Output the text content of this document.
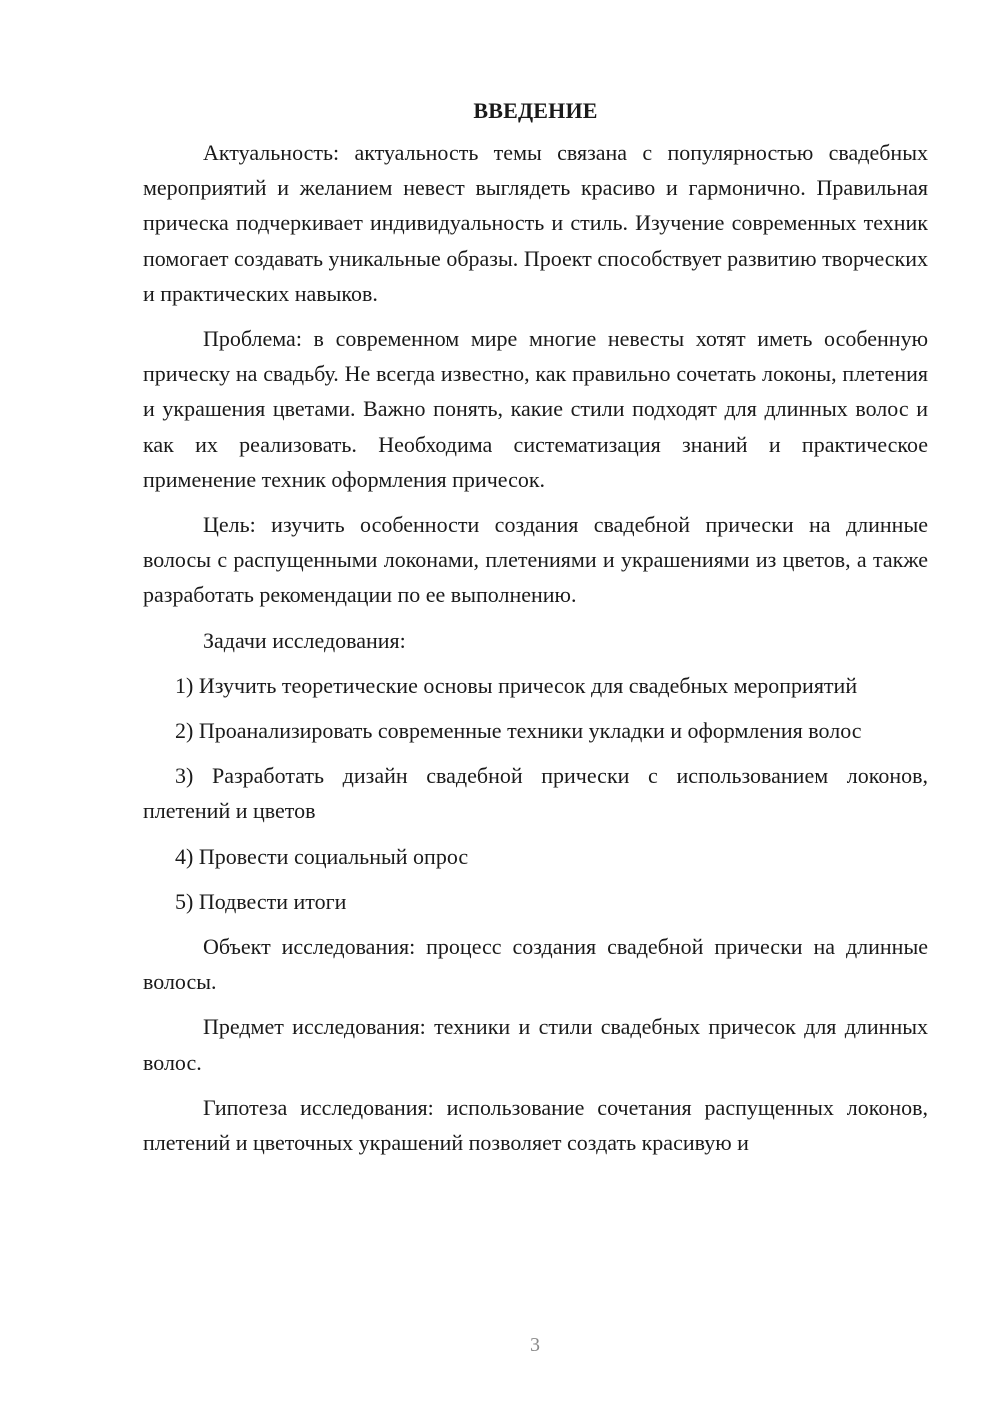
ВВЕДЕНИЕ

Актуальность: актуальность темы связана с популярностью свадебных мероприятий и желанием невест выглядеть красиво и гармонично. Правильная прическа подчеркивает индивидуальность и стиль. Изучение современных техник помогает создавать уникальные образы. Проект способствует развитию творческих и практических навыков.

Проблема: в современном мире многие невесты хотят иметь особенную прическу на свадьбу. Не всегда известно, как правильно сочетать локоны, плетения и украшения цветами. Важно понять, какие стили подходят для длинных волос и как их реализовать. Необходима систематизация знаний и практическое применение техник оформления причесок.

Цель: изучить особенности создания свадебной прически на длинные волосы с распущенными локонами, плетениями и украшениями из цветов, а также разработать рекомендации по ее выполнению.

Задачи исследования:

1) Изучить теоретические основы причесок для свадебных мероприятий

2) Проанализировать современные техники укладки и оформления волос

3) Разработать дизайн свадебной прически с использованием локонов, плетений и цветов

4) Провести социальный опрос

5) Подвести итоги

Объект исследования: процесс создания свадебной прически на длинные волосы.

Предмет исследования: техники и стили свадебных причесок для длинных волос.

Гипотеза исследования: использование сочетания распущенных локонов, плетений и цветочных украшений позволяет создать красивую и

3
